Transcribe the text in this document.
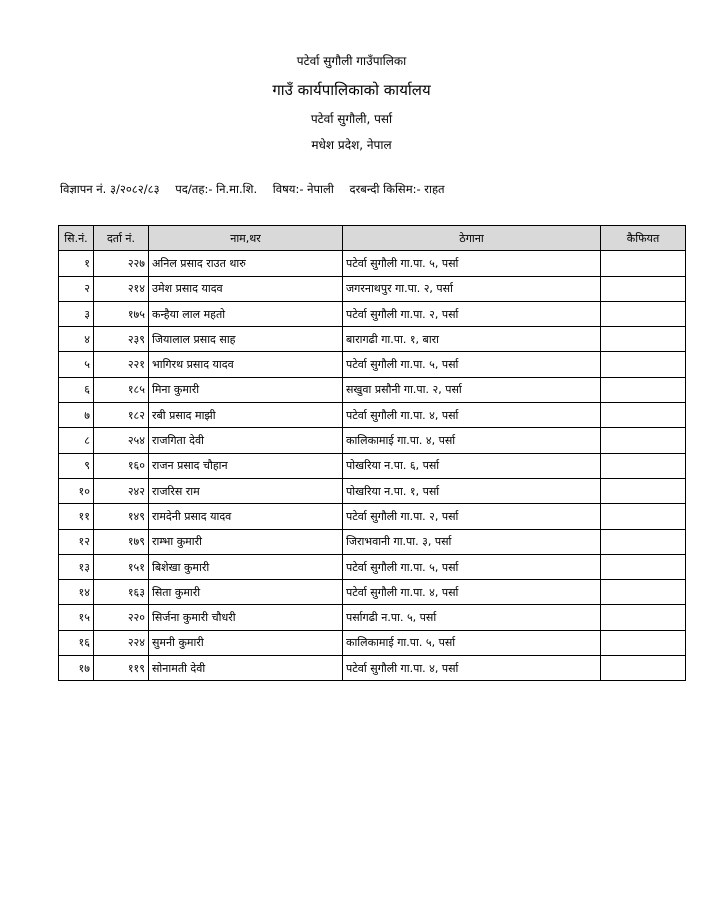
पटेर्वा सुगौली गाउँपालिका
गाउँ कार्यपालिकाको कार्यालय
पटेर्वा सुगौली, पर्सा
मधेश प्रदेश, नेपाल
विज्ञापन नं. ३/२०८२/८३ पद/तह:- नि.मा.शि. विषय:- नेपाली दरबन्दी किसिम:- राहत
सि.नं.	दर्ता नं.	नाम,थर	ठेगाना	कैफियत
१	२२७	अनिल प्रसाद राउत थारु	पटेर्वा सुगौली गा.पा. ५, पर्सा	
२	२१४	उमेश प्रसाद यादव	जगरनाथपुर गा.पा. २, पर्सा	
३	१७५	कन्हैया लाल महतो	पटेर्वा सुगौली गा.पा. २, पर्सा	
४	२३९	जियालाल प्रसाद साह	बारागढी गा.पा. १, बारा	
५	२२१	भागिरथ प्रसाद यादव	पटेर्वा सुगौली गा.पा. ५, पर्सा	
६	१८५	मिना कुमारी	सखुवा प्रसौनी गा.पा. २, पर्सा	
७	१८२	रबी प्रसाद माझी	पटेर्वा सुगौली गा.पा. ४, पर्सा	
८	२५४	राजगिता देवी	कालिकामाई गा.पा. ४, पर्सा	
९	१६०	राजन प्रसाद चौहान	पोखरिया न.पा. ६, पर्सा	
१०	२४२	राजरिस राम	पोखरिया न.पा. १, पर्सा	
११	१४९	रामदेनी प्रसाद यादव	पटेर्वा सुगौली गा.पा. २, पर्सा	
१२	१७९	राम्भा कुमारी	जिराभवानी गा.पा. ३, पर्सा	
१३	१५१	बिशेखा कुमारी	पटेर्वा सुगौली गा.पा. ५, पर्सा	
१४	१६३	सिता कुमारी	पटेर्वा सुगौली गा.पा. ४, पर्सा	
१५	२२०	सिर्जना कुमारी चौधरी	पर्सागढी न.पा. ५, पर्सा	
१६	२२४	सुमनी कुमारी	कालिकामाई गा.पा. ५, पर्सा	
१७	११९	सोनामती देवी	पटेर्वा सुगौली गा.पा. ४, पर्सा	
